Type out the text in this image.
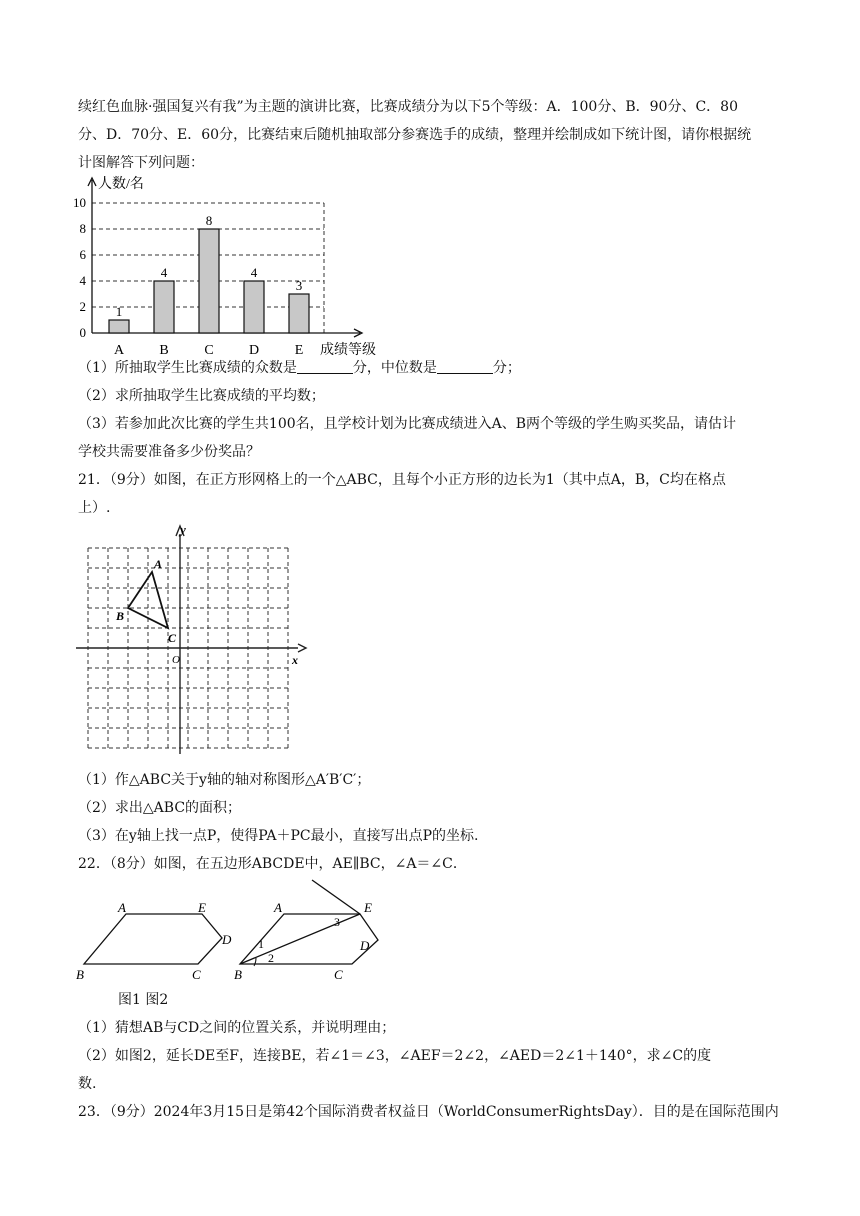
续红色血脉·强国复兴有我”为主题的演讲比赛，比赛成绩分为以下5个等级：A．100分、B．90分、C．80
分、D．70分、E．60分，比赛结束后随机抽取部分参赛选手的成绩，整理并绘制成如下统计图，请你根据统
计图解答下列问题：
0
2
4
6
8
10
人数/名
成绩等级
A
1
B
4
C
8
D
4
E
3
（1）所抽取学生比赛成绩的众数是	分，中位数是	分；
（2）求所抽取学生比赛成绩的平均数；
（3）若参加此次比赛的学生共100名，且学校计划为比赛成绩进入A、B两个等级的学生购买奖品，请估计
学校共需要准备多少份奖品？
21．（9分）如图，在正方形网格上的一个△ABC，且每个小正方形的边长为1（其中点A，B，C均在格点
上）.
y
x
O
A
B
C
（1）作△ABC关于y轴的轴对称图形△A′B′C′；
（2）求出△ABC的面积；
（3）在y轴上找一点P，使得PA＋PC最小，直接写出点P的坐标.
22．（8分）如图，在五边形ABCDE中，AE∥BC，∠A＝∠C．
A	E
D
C
B
A	E
D
C
B
1
2
3
图1 图2
（1）猜想AB与CD之间的位置关系，并说明理由；
（2）如图2，延长DE至F，连接BE，若∠1＝∠3，∠AEF＝2∠2，∠AED＝2∠1＋140°，求∠C的度
数.
23．（9分）2024年3月15日是第42个国际消费者权益日（WorldConsumerRightsDay）．目的是在国际范围内
